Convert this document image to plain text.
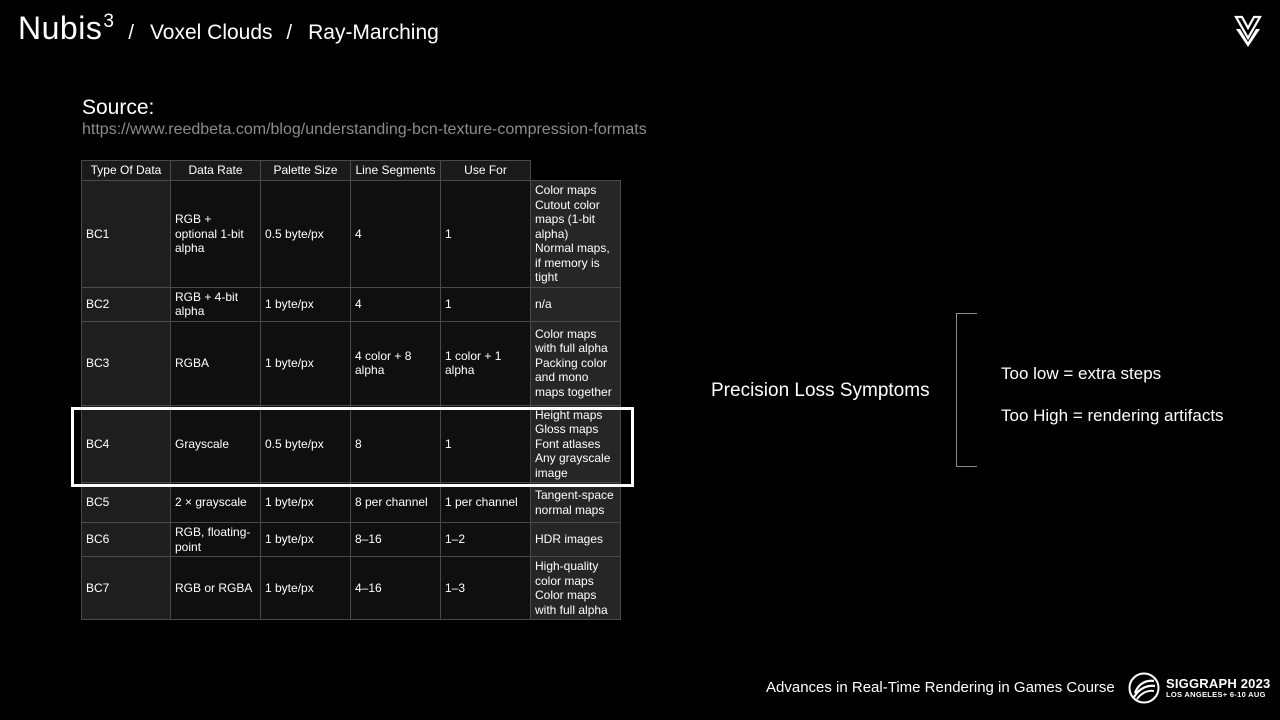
Nubis$^3$
/ Voxel Clouds / Ray-Marching
Source:
https://www.reedbeta.com/blog/understanding-bcn-texture-compression-formats
Type Of Data	Data Rate	Palette Size	Line Segments	Use For	
BC1	RGB + optional 1-bit alpha	0.5 byte/px	4	1	Color maps
Cutout color maps (1-bit alpha)
Normal maps, if memory is tight

BC2	RGB + 4-bit alpha	1 byte/px	4	1	n/a

BC3	RGBA	1 byte/px	4 color + 8 alpha	1 color + 1 alpha	Color maps with full alpha
Packing color and mono maps together

BC4	Grayscale	0.5 byte/px	8	1	Height maps
Gloss maps
Font atlases
Any grayscale image

BC5	2 × grayscale	1 byte/px	8 per channel	1 per channel	Tangent-space normal maps

BC6	RGB, floating-point	1 byte/px	8–16	1–2	HDR images

BC7	RGB or RGBA	1 byte/px	4–16	1–3	High-quality color maps
Color maps with full alpha
Precision Loss Symptoms
Too low = extra steps
Too High = rendering artifacts
Advances in Real-Time Rendering in Games Course	SIGGRAPH 2023
LOS ANGELES+ 6-10 AUG
